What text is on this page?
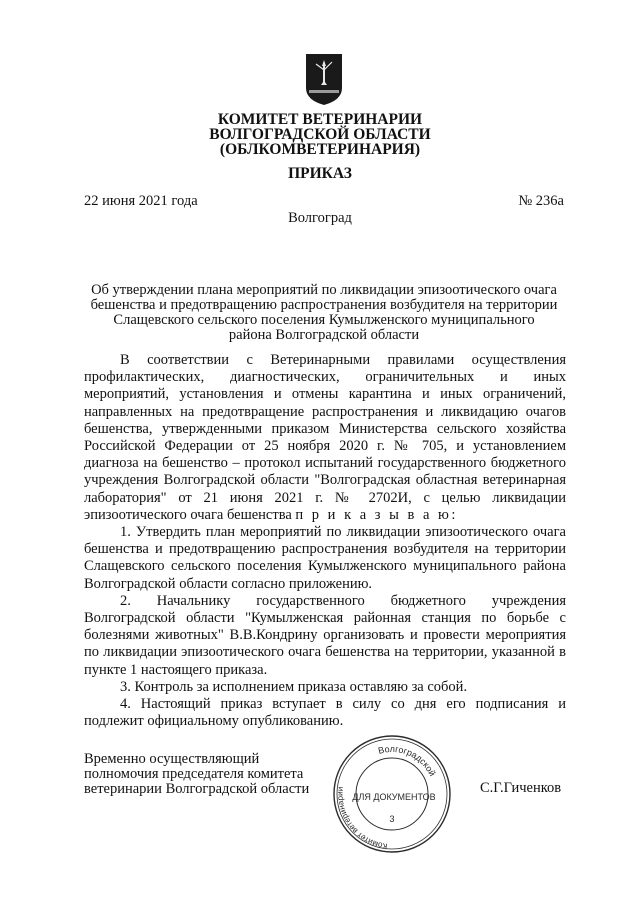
КОМИТЕТ ВЕТЕРИНАРИИ
ВОЛГОГРАДСКОЙ ОБЛАСТИ
(ОБЛКОМВЕТЕРИНАРИЯ)
ПРИКАЗ
22 июня 2021 года	№ 236а
Волгоград
Об утверждении плана мероприятий по ликвидации эпизоотического очага
бешенства и предотвращению распространения возбудителя на территории
Слащевского сельского поселения Кумылженского муниципального
района Волгоградской области

В соответствии с Ветеринарными правилами осуществления профилактических, диагностических, ограничительных и иных мероприятий, установления и отмены карантина и иных ограничений, направленных на предотвращение распространения и ликвидацию очагов бешенства, утвержденными приказом Министерства сельского хозяйства Российской Федерации от 25 ноября 2020 г. № 705, и установлением диагноза на бешенство – протокол испытаний государственного бюджетного учреждения Волгоградской области "Волгоградская областная ветеринарная лаборатория" от 21 июня 2021 г. № 2702И, с целью ликвидации эпизоотического очага бешенства п р и к а з ы в а ю:

1. Утвердить план мероприятий по ликвидации эпизоотического очага бешенства и предотвращению распространения возбудителя на территории Слащевского сельского поселения Кумылженского муниципального района Волгоградской области согласно приложению.

2. Начальнику государственного бюджетного учреждения Волгоградской области "Кумылженская районная станция по борьбе с болезнями животных" В.В.Кондрину организовать и провести мероприятия по ликвидации эпизоотического очага бешенства на территории, указанной в пункте 1 настоящего приказа.

3. Контроль за исполнением приказа оставляю за собой.

4. Настоящий приказ вступает в силу со дня его подписания и подлежит официальному опубликованию.

Временно осуществляющий
полномочия председателя комитета
ветеринарии Волгоградской области	С.Г.Гиченков
Волгоградской
Комитет ветеринарии
ДЛЯ ДОКУМЕНТОВ
3
